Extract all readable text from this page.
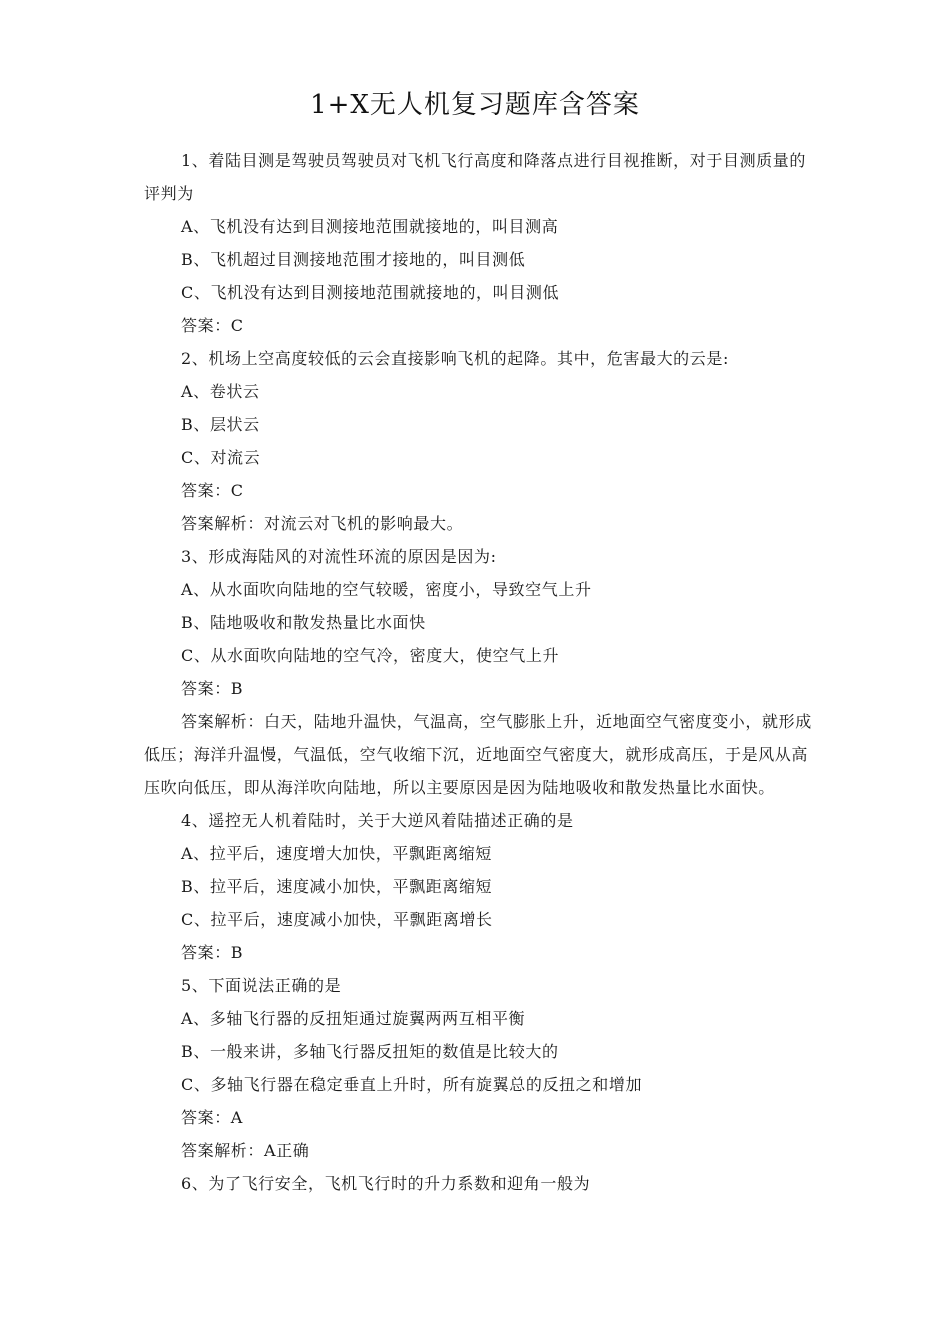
1+X无人机复习题库含答案

1、着陆目测是驾驶员驾驶员对飞机飞行高度和降落点进行目视推断，对于目测质量的评判为

A、飞机没有达到目测接地范围就接地的，叫目测高

B、飞机超过目测接地范围才接地的，叫目测低

C、飞机没有达到目测接地范围就接地的，叫目测低

答案：C

2、机场上空高度较低的云会直接影响飞机的起降。其中，危害最大的云是:

A、卷状云

B、层状云

C、对流云

答案：C

答案解析：对流云对飞机的影响最大。

3、形成海陆风的对流性环流的原因是因为:

A、从水面吹向陆地的空气较暖，密度小，导致空气上升

B、陆地吸收和散发热量比水面快

C、从水面吹向陆地的空气冷，密度大，使空气上升

答案：B

答案解析：白天，陆地升温快，气温高，空气膨胀上升，近地面空气密度变小，就形成低压；海洋升温慢，气温低，空气收缩下沉，近地面空气密度大，就形成高压，于是风从高压吹向低压，即从海洋吹向陆地，所以主要原因是因为陆地吸收和散发热量比水面快。

4、遥控无人机着陆时，关于大逆风着陆描述正确的是

A、拉平后，速度增大加快，平飘距离缩短

B、拉平后，速度减小加快，平飘距离缩短

C、拉平后，速度减小加快，平飘距离增长

答案：B

5、下面说法正确的是

A、多轴飞行器的反扭矩通过旋翼两两互相平衡

B、一般来讲，多轴飞行器反扭矩的数值是比较大的

C、多轴飞行器在稳定垂直上升时，所有旋翼总的反扭之和增加

答案：A

答案解析：A正确

6、为了飞行安全，飞机飞行时的升力系数和迎角一般为
